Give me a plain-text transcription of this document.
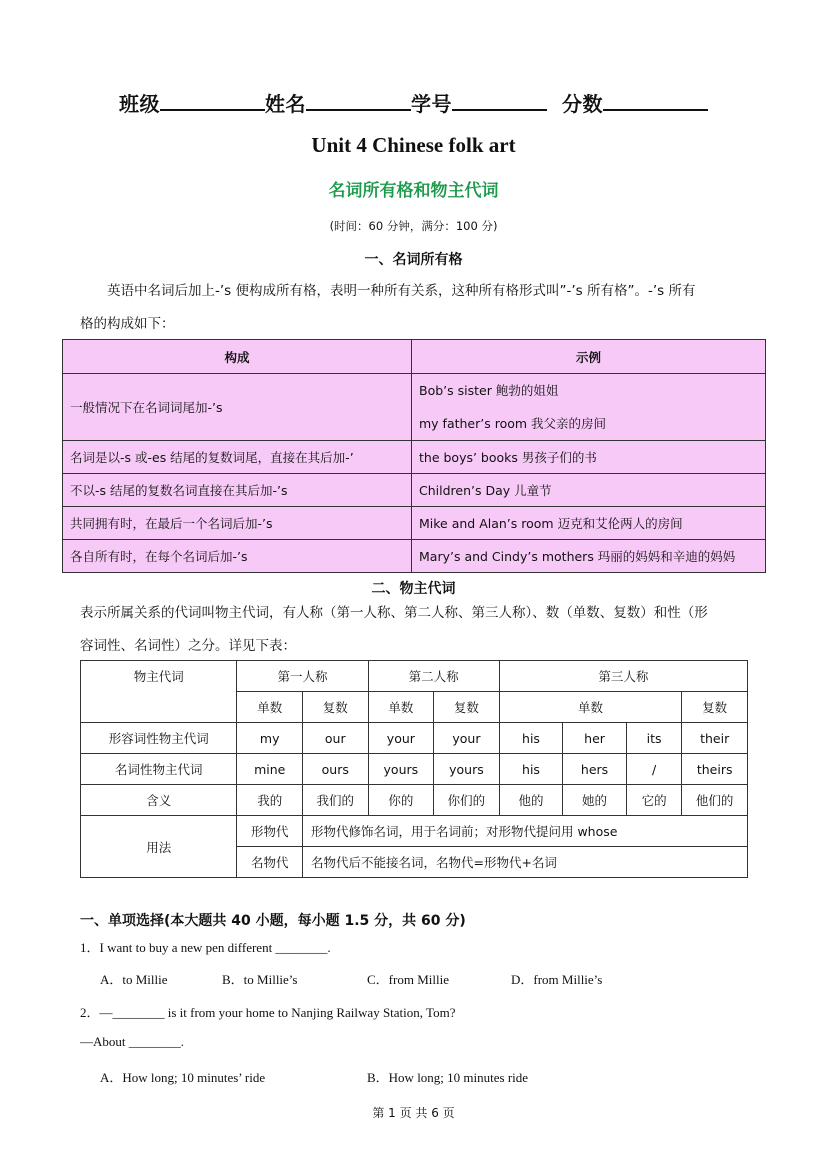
班级	姓名	学号	分数
Unit 4 Chinese folk art
名词所有格和物主代词
(时间：60 分钟，满分：100 分)
一、名词所有格
英语中名词后加上-’s 便构成所有格，表明一种所有关系，这种所有格形式叫”-’s 所有格”。-’s 所有
格的构成如下：
构成	示例
一般情况下在名词词尾加-’s	Bob’s sister 鲍勃的姐姐
my father’s room 我父亲的房间

名词是以-s 或-es 结尾的复数词尾，直接在其后加-’	the boys’ books 男孩子们的书
不以-s 结尾的复数名词直接在其后加-’s	Children’s Day 儿童节
共同拥有时，在最后一个名词后加-’s	Mike and Alan’s room 迈克和艾伦两人的房间
各自所有时，在每个名词后加-’s	Mary’s and Cindy’s mothers 玛丽的妈妈和辛迪的妈妈
二、物主代词
表示所属关系的代词叫物主代词，有人称（第一人称、第二人称、第三人称）、数（单数、复数）和性（形
容词性、名词性）之分。详见下表：
物主代词	第一人称		第二人称		第三人称			
	单数	复数	单数	复数	单数			复数
形容词性物主代词	my	our	your	your	his	her	its	their
名词性物主代词	mine	ours	yours	yours	his	hers	/	theirs
含义	我的	我们的	你的	你们的	他的	她的	它的	他们的
用法	形物代	形物代修饰名词，用于名词前；对形物代提问用 whose						
	名物代	名物代后不能接名词，名物代=形物代+名词						
一、单项选择(本大题共 40 小题，每小题 1.5 分，共 60 分)
1．I want to buy a new pen different ________.
A．to Millie	B．to Millie’s	C．from Millie	D．from Millie’s
2．—________ is it from your home to Nanjing Railway Station, Tom?
—About ________.
A．How long; 10 minutes’ ride	B．How long; 10 minutes ride
第 1 页 共 6 页
